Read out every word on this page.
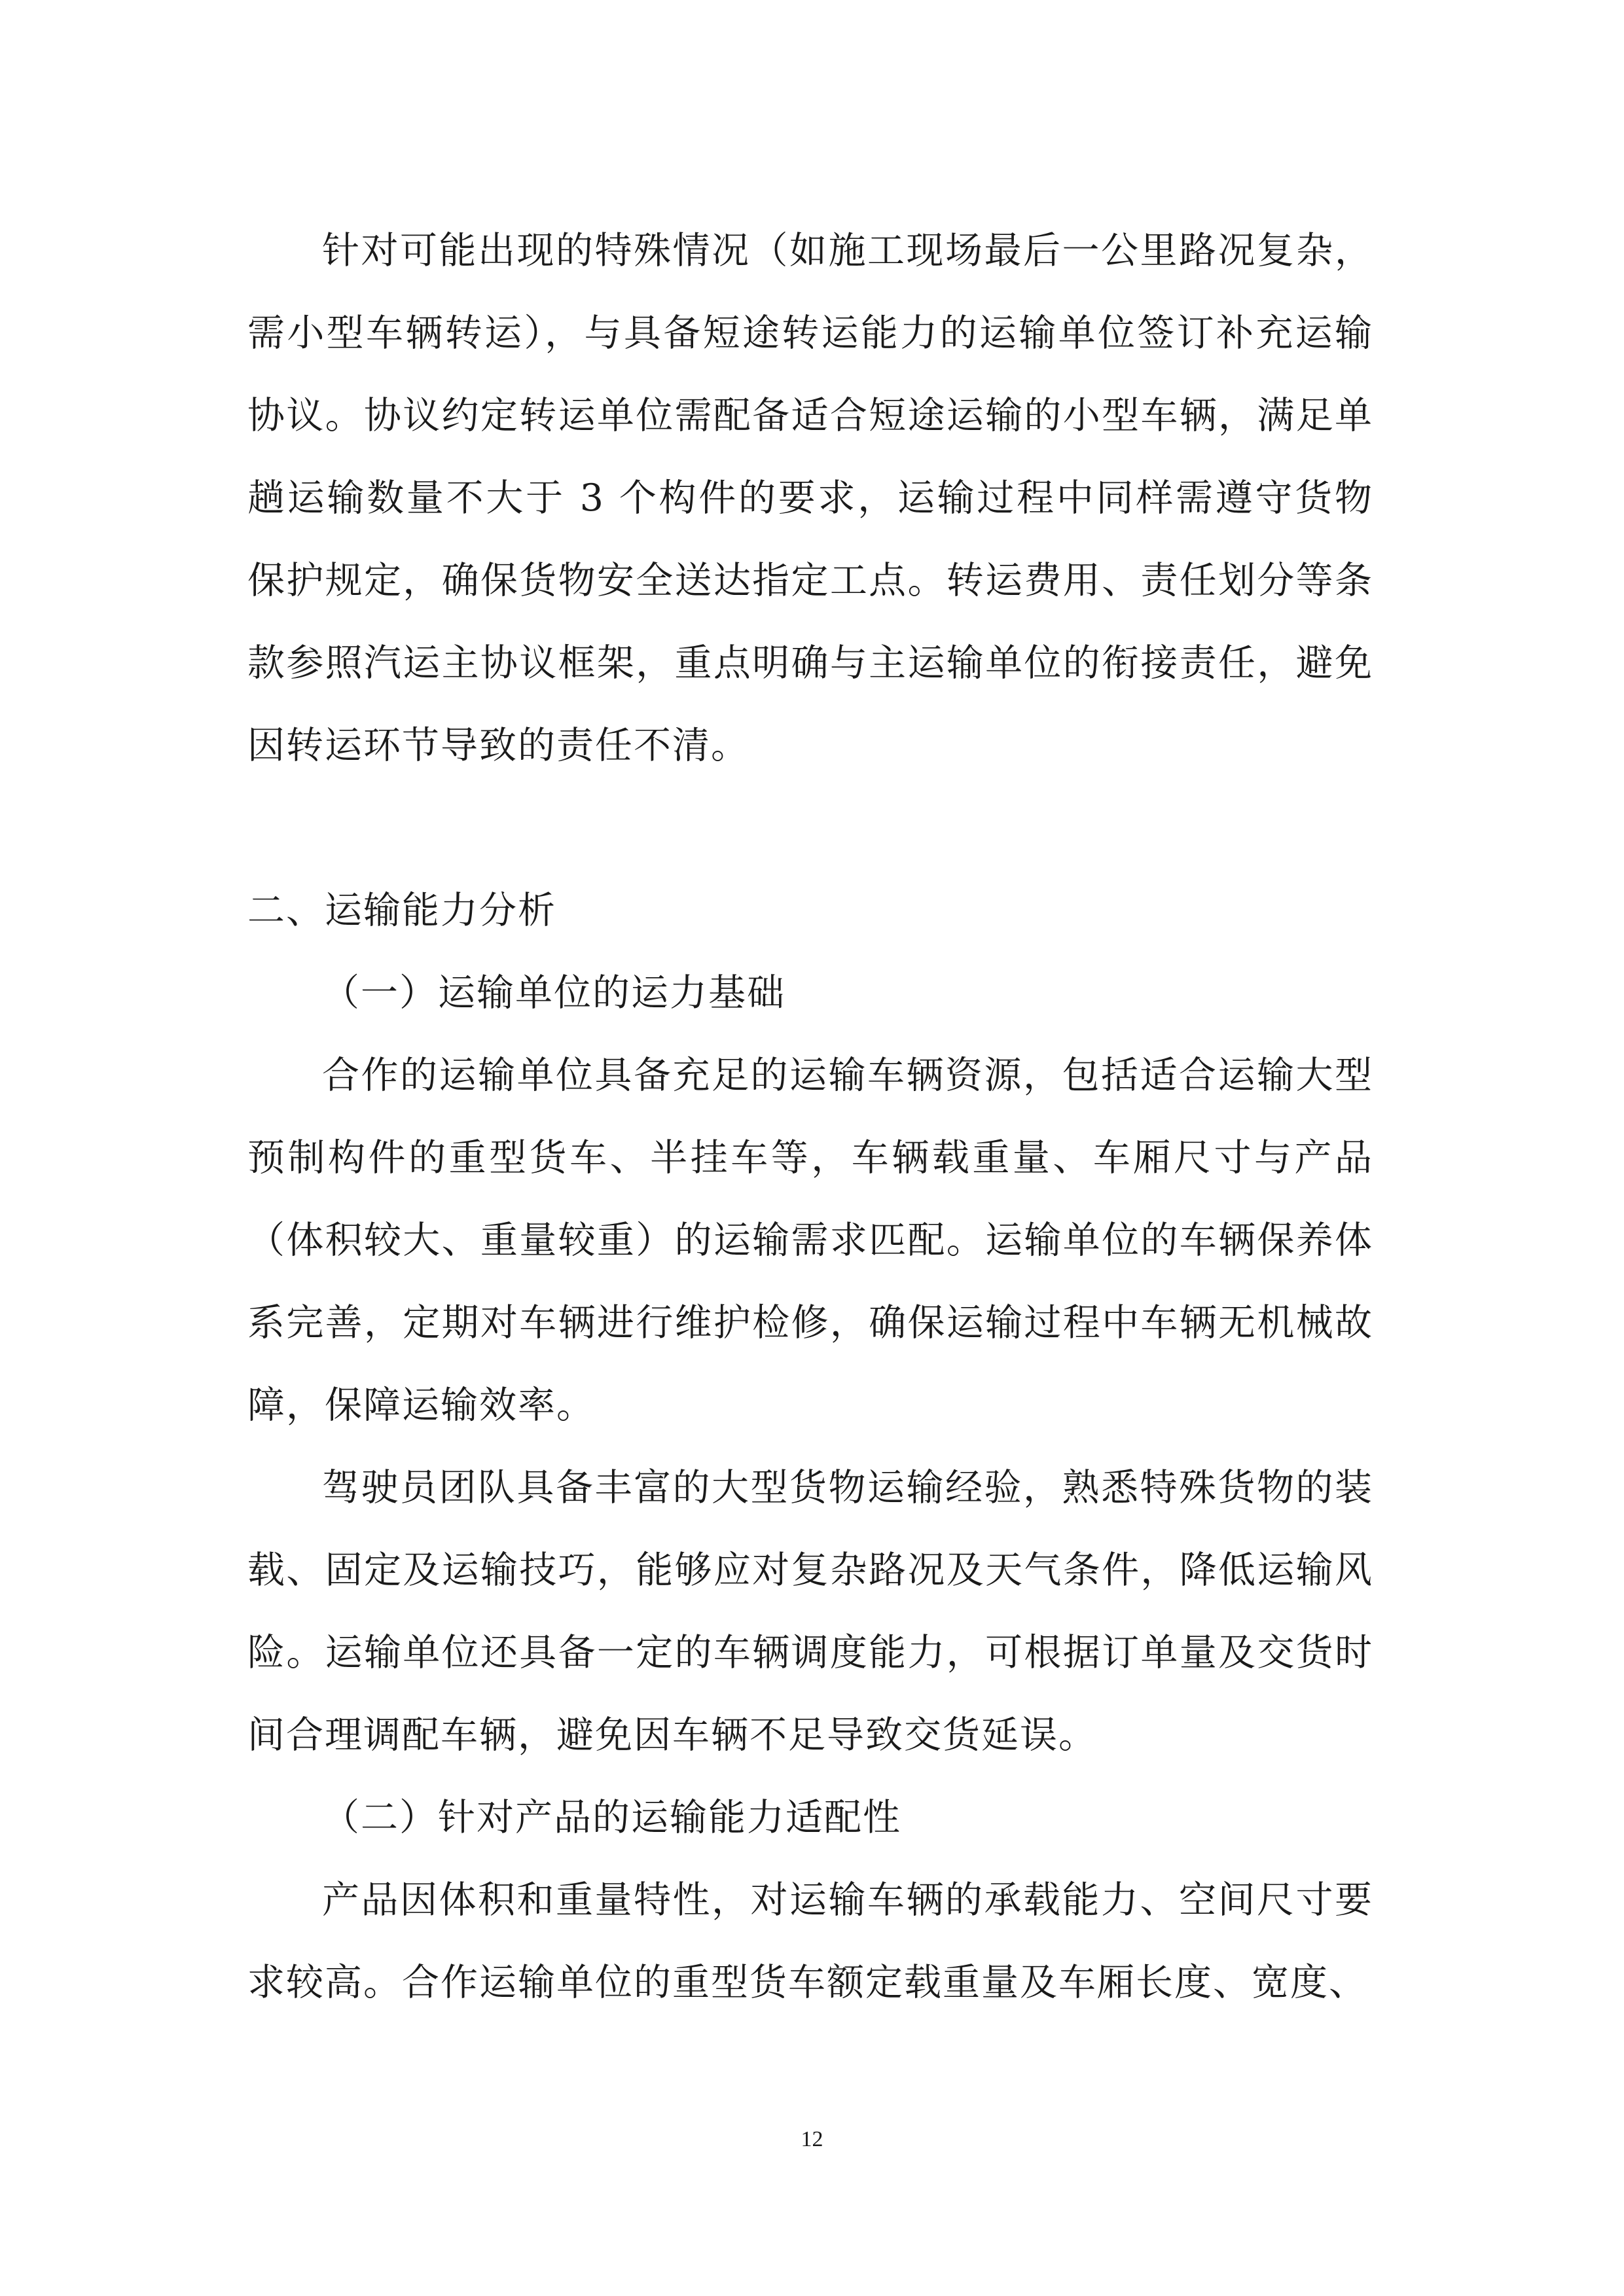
针对可能出现的特殊情况（如施工现场最后一公里路况复杂，需小型车辆转运），与具备短途转运能力的运输单位签订补充运输协议。协议约定转运单位需配备适合短途运输的小型车辆，满足单趟运输数量不大于 3 个构件的要求，运输过程中同样需遵守货物保护规定，确保货物安全送达指定工点。转运费用、责任划分等条款参照汽运主协议框架，重点明确与主运输单位的衔接责任，避免因转运环节导致的责任不清。

二、运输能力分析

（一）运输单位的运力基础

合作的运输单位具备充足的运输车辆资源，包括适合运输大型预制构件的重型货车、半挂车等，车辆载重量、车厢尺寸与产品（体积较大、重量较重）的运输需求匹配。运输单位的车辆保养体系完善，定期对车辆进行维护检修，确保运输过程中车辆无机械故障，保障运输效率。

驾驶员团队具备丰富的大型货物运输经验，熟悉特殊货物的装载、固定及运输技巧，能够应对复杂路况及天气条件，降低运输风险。运输单位还具备一定的车辆调度能力，可根据订单量及交货时间合理调配车辆，避免因车辆不足导致交货延误。

（二）针对产品的运输能力适配性

产品因体积和重量特性，对运输车辆的承载能力、空间尺寸要求较高。合作运输单位的重型货车额定载重量及车厢长度、宽度、

12
